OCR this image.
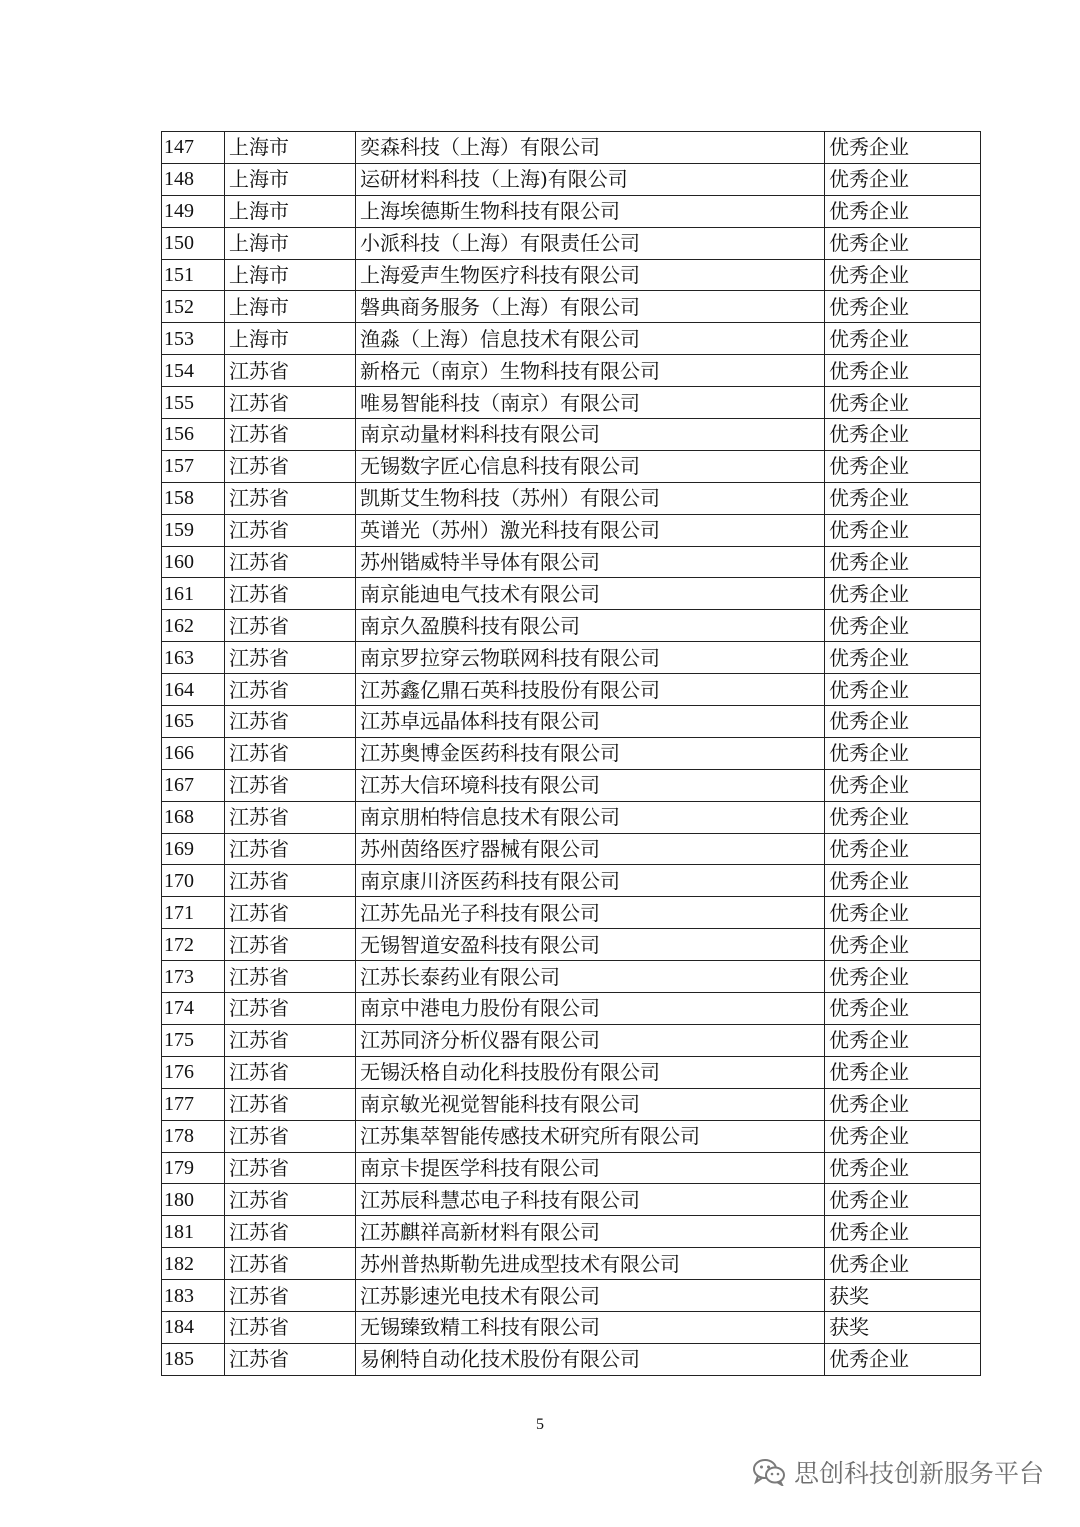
147	上海市	奕森科技（上海）有限公司	优秀企业
148	上海市	运研材料科技（上海)有限公司	优秀企业
149	上海市	上海埃德斯生物科技有限公司	优秀企业
150	上海市	小派科技（上海）有限责任公司	优秀企业
151	上海市	上海爱声生物医疗科技有限公司	优秀企业
152	上海市	磐典商务服务（上海）有限公司	优秀企业
153	上海市	渔淼（上海）信息技术有限公司	优秀企业
154	江苏省	新格元（南京）生物科技有限公司	优秀企业
155	江苏省	唯易智能科技（南京）有限公司	优秀企业
156	江苏省	南京动量材料科技有限公司	优秀企业
157	江苏省	无锡数字匠心信息科技有限公司	优秀企业
158	江苏省	凯斯艾生物科技（苏州）有限公司	优秀企业
159	江苏省	英谱光（苏州）激光科技有限公司	优秀企业
160	江苏省	苏州锴威特半导体有限公司	优秀企业
161	江苏省	南京能迪电气技术有限公司	优秀企业
162	江苏省	南京久盈膜科技有限公司	优秀企业
163	江苏省	南京罗拉穿云物联网科技有限公司	优秀企业
164	江苏省	江苏鑫亿鼎石英科技股份有限公司	优秀企业
165	江苏省	江苏卓远晶体科技有限公司	优秀企业
166	江苏省	江苏奥博金医药科技有限公司	优秀企业
167	江苏省	江苏大信环境科技有限公司	优秀企业
168	江苏省	南京朋柏特信息技术有限公司	优秀企业
169	江苏省	苏州茵络医疗器械有限公司	优秀企业
170	江苏省	南京康川济医药科技有限公司	优秀企业
171	江苏省	江苏先品光子科技有限公司	优秀企业
172	江苏省	无锡智道安盈科技有限公司	优秀企业
173	江苏省	江苏长泰药业有限公司	优秀企业
174	江苏省	南京中港电力股份有限公司	优秀企业
175	江苏省	江苏同济分析仪器有限公司	优秀企业
176	江苏省	无锡沃格自动化科技股份有限公司	优秀企业
177	江苏省	南京敏光视觉智能科技有限公司	优秀企业
178	江苏省	江苏集萃智能传感技术研究所有限公司	优秀企业
179	江苏省	南京卡提医学科技有限公司	优秀企业
180	江苏省	江苏辰科慧芯电子科技有限公司	优秀企业
181	江苏省	江苏麒祥高新材料有限公司	优秀企业
182	江苏省	苏州普热斯勒先进成型技术有限公司	优秀企业
183	江苏省	江苏影速光电技术有限公司	获奖
184	江苏省	无锡臻致精工科技有限公司	获奖
185	江苏省	易俐特自动化技术股份有限公司	优秀企业
5
思创科技创新服务平台
